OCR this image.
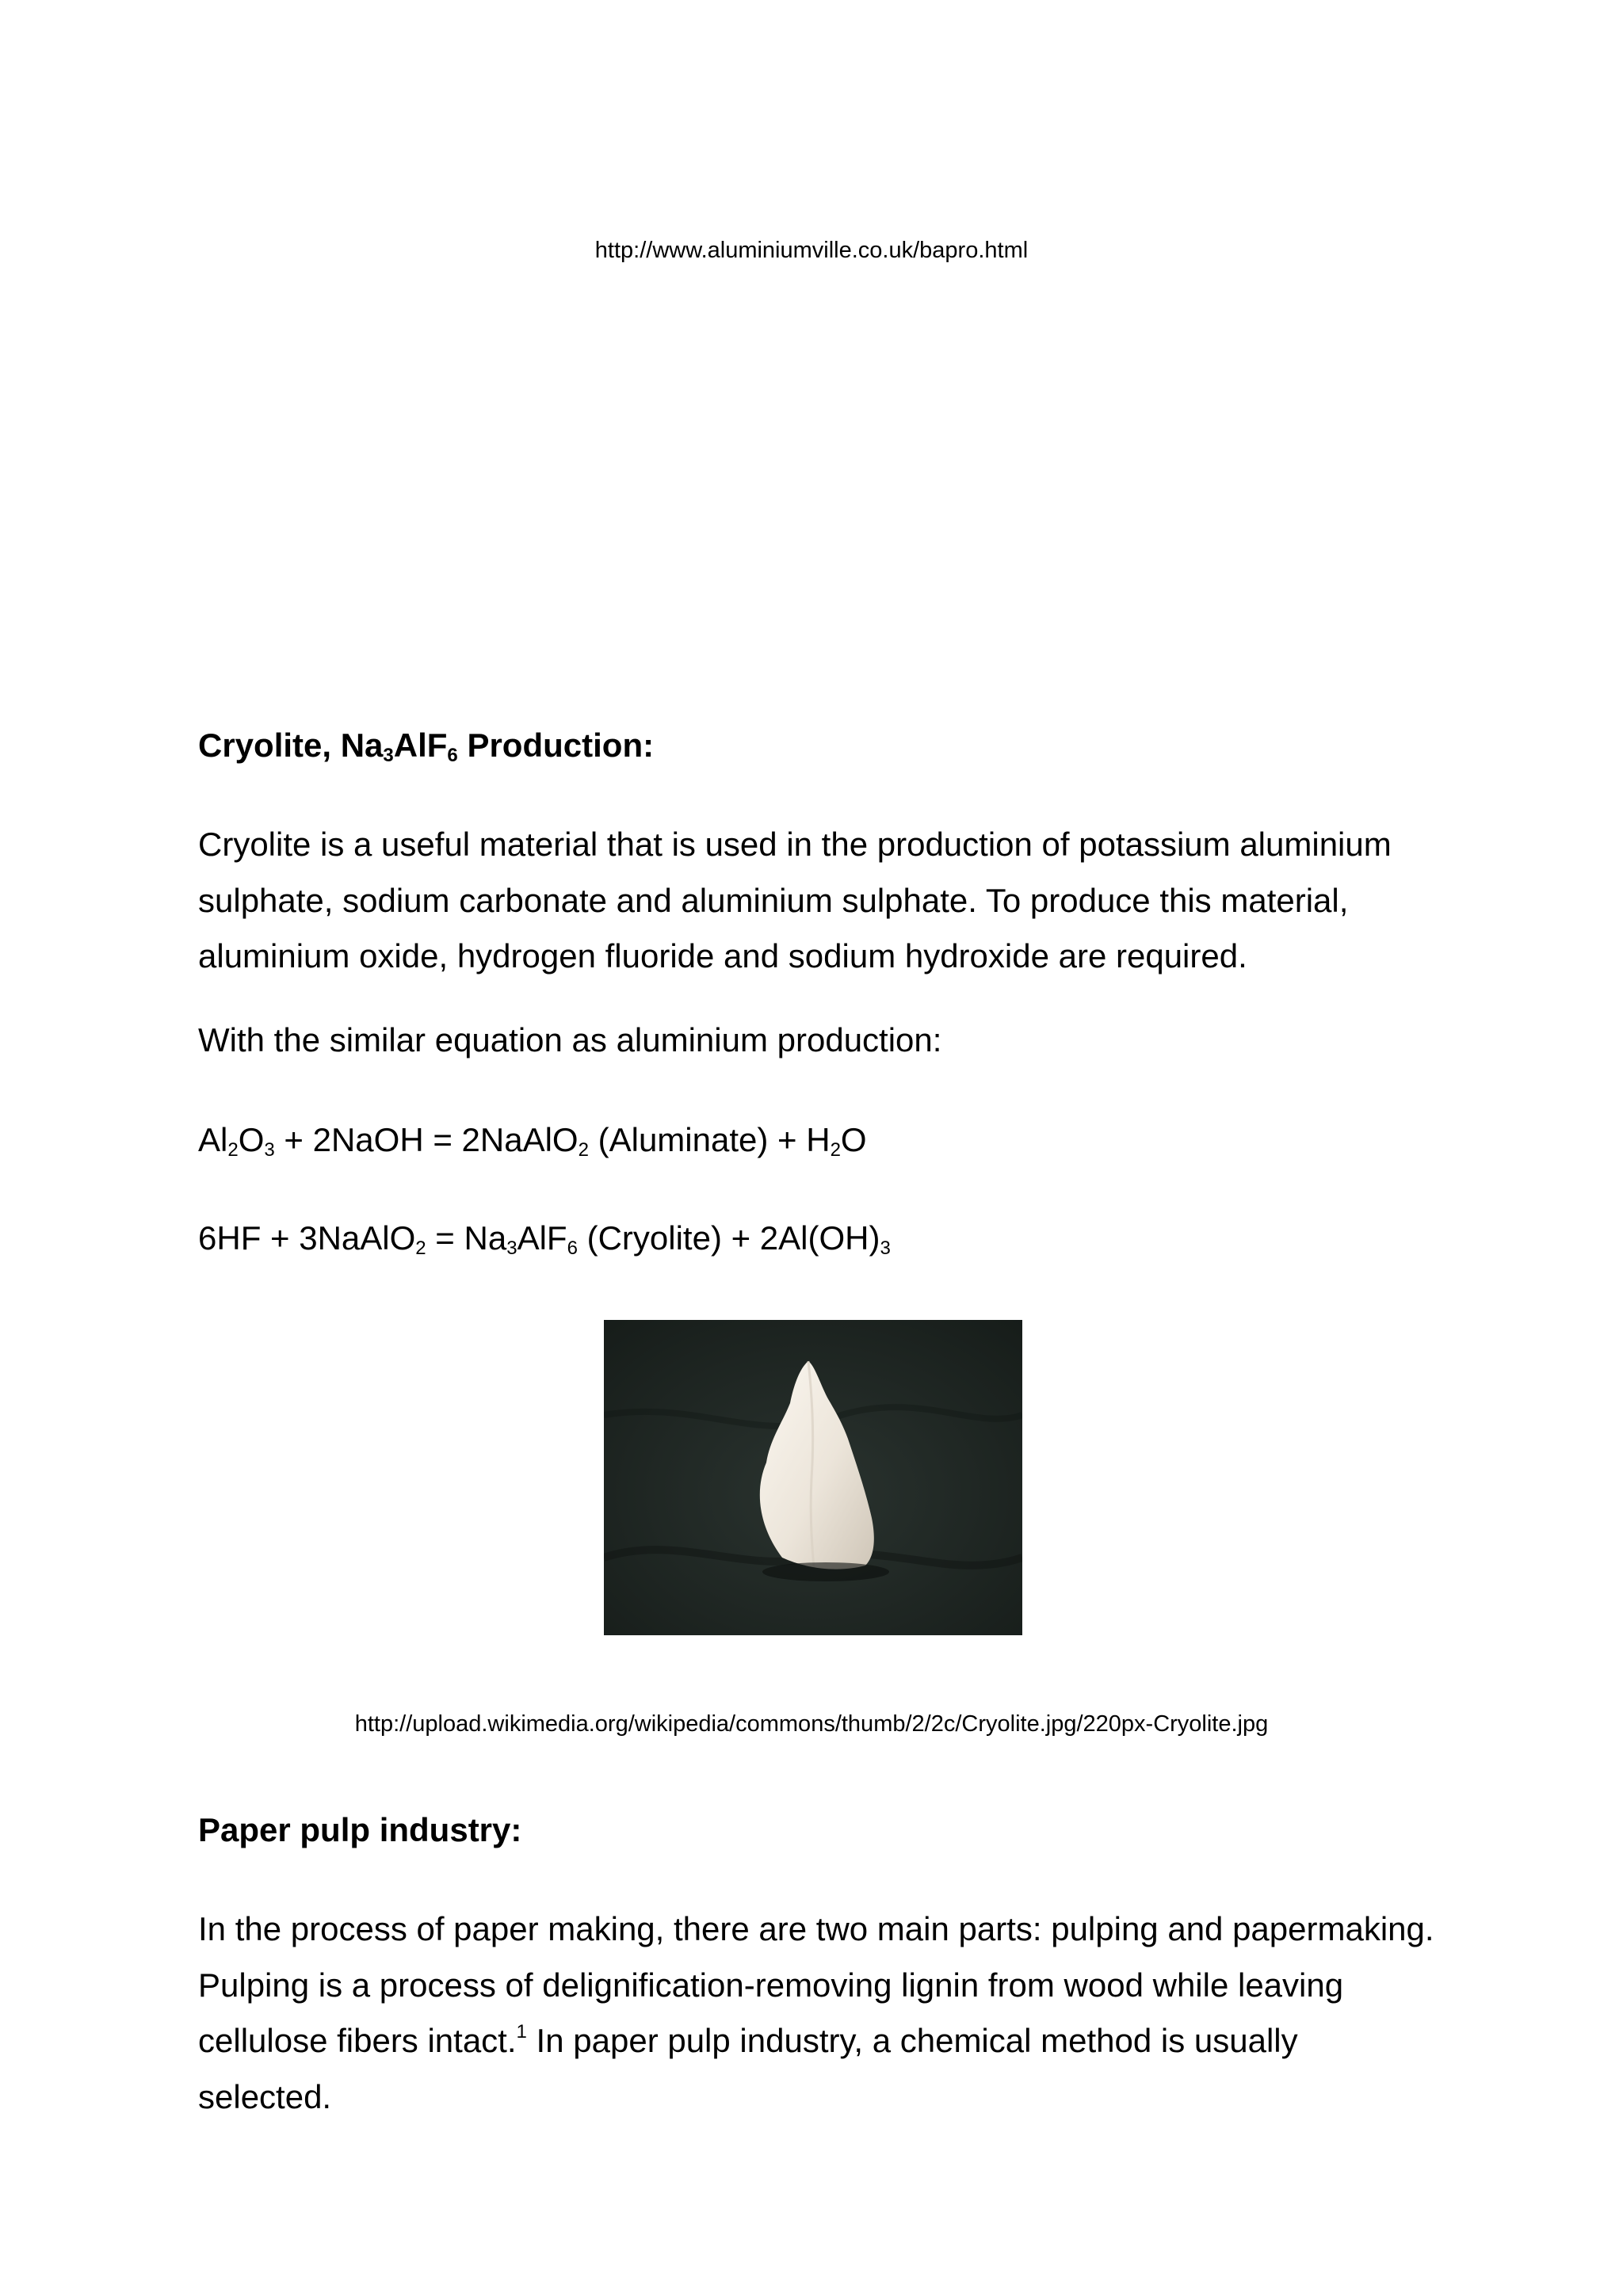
http://www.aluminiumville.co.uk/bapro.html
Cryolite, $Na_3AlF_6$ Production:

Cryolite is a useful material that is used in the production of potassium aluminium sulphate, sodium carbonate and aluminium sulphate. To produce this material, aluminium oxide, hydrogen fluoride and sodium hydroxide are required.

With the similar equation as aluminium production:

$Al_2O_3$ + 2NaOH = 2NaAlO$_2$ (Aluminate) + $H_2O$

6HF + 3NaAlO$_2$ = $Na_3AlF_6$ (Cryolite) + $2Al(OH)_3$

http://upload.wikimedia.org/wikipedia/commons/thumb/2/2c/Cryolite.jpg/220px-Cryolite.jpg
Paper pulp industry:

In the process of paper making, there are two main parts: pulping and papermaking. Pulping is a process of delignification-removing lignin from wood while leaving cellulose fibers intact.$^1$ In paper pulp industry, a chemical method is usually selected.
